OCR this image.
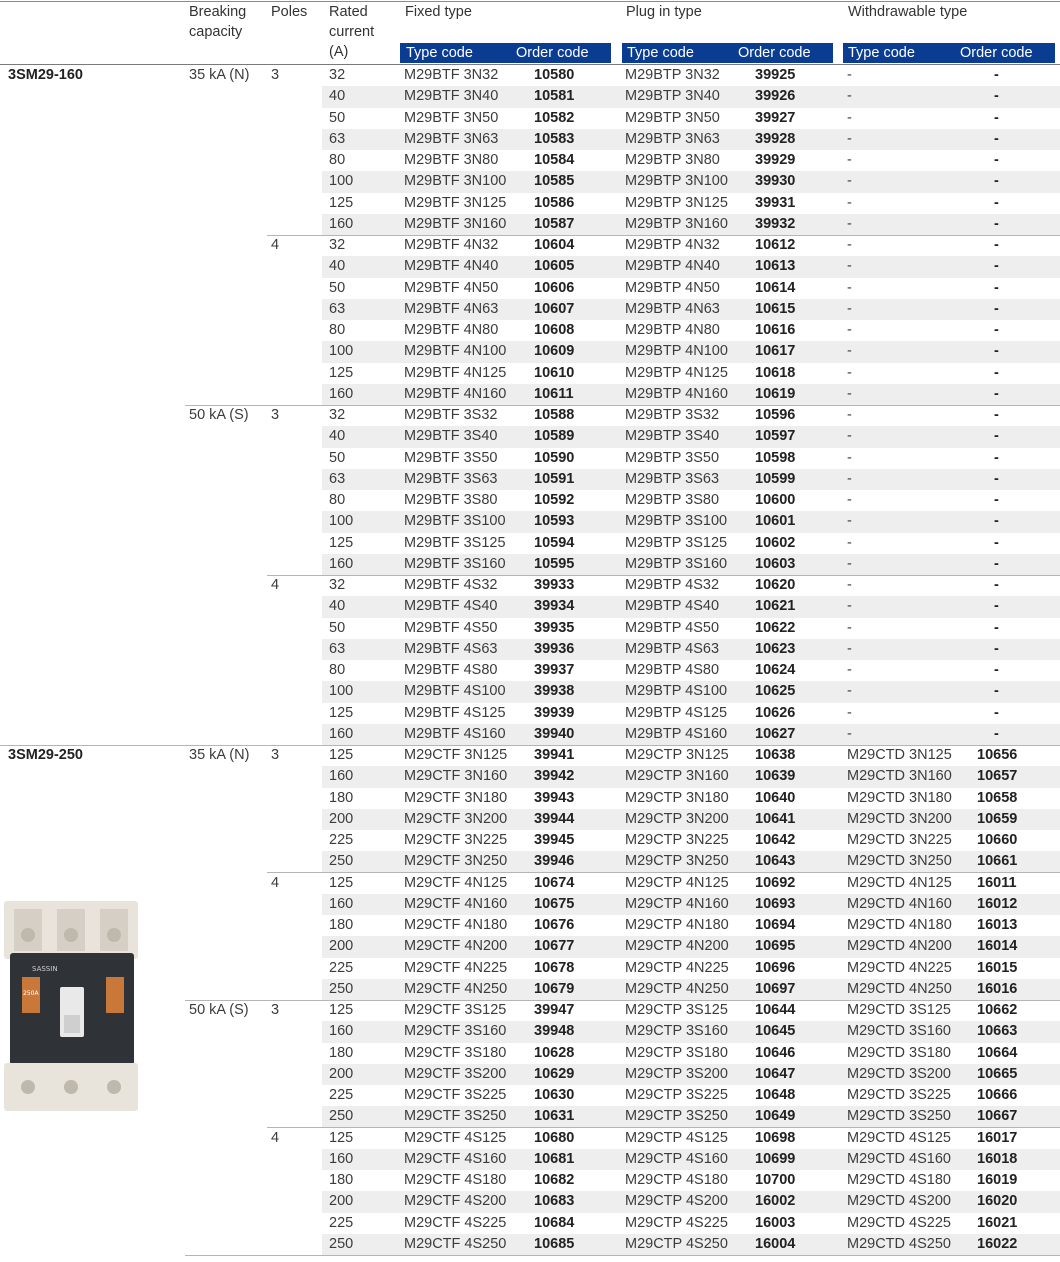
Breaking
capacity
Poles Rated
current
(A)
Fixed type	Plug in type	Withdrawable type
Type code	Order code	Type code	Order code	Type code	Order code
3SM29-160	35 kA (N) 3	32	M29BTF 3N32 10580	M29BTP 3N32 39925	-	-
40	M29BTF 3N40 10581	M29BTP 3N40 39926	-	-
50	M29BTF 3N50 10582	M29BTP 3N50 39927	-	-
63	M29BTF 3N63 10583	M29BTP 3N63 39928	-	-
80	M29BTF 3N80 10584	M29BTP 3N80 39929	-	-
100	M29BTF 3N100 10585	M29BTP 3N100 39930	-	-
125	M29BTF 3N125 10586	M29BTP 3N125 39931	-	-
160	M29BTF 3N160 10587	M29BTP 3N160 39932	-	-
4	32	M29BTF 4N32 10604	M29BTP 4N32 10612	-	-
40	M29BTF 4N40 10605	M29BTP 4N40 10613	-	-
50	M29BTF 4N50 10606	M29BTP 4N50 10614	-	-
63	M29BTF 4N63 10607	M29BTP 4N63 10615	-	-
80	M29BTF 4N80 10608	M29BTP 4N80 10616	-	-
100	M29BTF 4N100 10609	M29BTP 4N100 10617	-	-
125	M29BTF 4N125 10610	M29BTP 4N125 10618	-	-
160	M29BTF 4N160 10611	M29BTP 4N160 10619	-	-
50 kA (S) 3	32	M29BTF 3S32	10588	M29BTP 3S32 10596	-	-
40	M29BTF 3S40	10589	M29BTP 3S40 10597	-	-
50	M29BTF 3S50	10590	M29BTP 3S50 10598	-	-
63	M29BTF 3S63	10591	M29BTP 3S63 10599	-	-
80	M29BTF 3S80	10592	M29BTP 3S80 10600	-	-
100	M29BTF 3S100 10593	M29BTP 3S100 10601	-	-
125	M29BTF 3S125 10594	M29BTP 3S125 10602	-	-
160	M29BTF 3S160 10595	M29BTP 3S160 10603	-	-
4	32	M29BTF 4S32	39933	M29BTP 4S32 10620	-	-
40	M29BTF 4S40	39934	M29BTP 4S40 10621	-	-
50	M29BTF 4S50	39935	M29BTP 4S50 10622	-	-
63	M29BTF 4S63	39936	M29BTP 4S63 10623	-	-
80	M29BTF 4S80	39937	M29BTP 4S80 10624	-	-
100	M29BTF 4S100 39938	M29BTP 4S100 10625	-	-
125	M29BTF 4S125 39939	M29BTP 4S125 10626	-	-
160	M29BTF 4S160 39940	M29BTP 4S160 10627	-	-
3SM29-250	35 kA (N) 3	125	M29CTF 3N125 39941	M29CTP 3N125 10638	M29CTD 3N125 10656
160	M29CTF 3N160 39942	M29CTP 3N160 10639	M29CTD 3N160 10657
180	M29CTF 3N180 39943	M29CTP 3N180 10640	M29CTD 3N180 10658
200	M29CTF 3N200 39944	M29CTP 3N200 10641	M29CTD 3N200 10659
225	M29CTF 3N225 39945	M29CTP 3N225 10642	M29CTD 3N225 10660
250	M29CTF 3N250 39946	M29CTP 3N250 10643	M29CTD 3N250 10661
4	125	M29CTF 4N125 10674	M29CTP 4N125 10692	M29CTD 4N125 16011
160	M29CTF 4N160 10675	M29CTP 4N160 10693	M29CTD 4N160 16012
180	M29CTF 4N180 10676	M29CTP 4N180 10694	M29CTD 4N180 16013
200	M29CTF 4N200 10677	M29CTP 4N200 10695	M29CTD 4N200 16014
225	M29CTF 4N225 10678	M29CTP 4N225 10696	M29CTD 4N225 16015
250	M29CTF 4N250 10679	M29CTP 4N250 10697	M29CTD 4N250 16016
50 kA (S) 3	125	M29CTF 3S125 39947	M29CTP 3S125 10644	M29CTD 3S125 10662
160	M29CTF 3S160 39948	M29CTP 3S160 10645	M29CTD 3S160 10663
180	M29CTF 3S180 10628	M29CTP 3S180 10646	M29CTD 3S180 10664
200	M29CTF 3S200 10629	M29CTP 3S200 10647	M29CTD 3S200 10665
225	M29CTF 3S225 10630	M29CTP 3S225 10648	M29CTD 3S225 10666
250	M29CTF 3S250 10631	M29CTP 3S250 10649	M29CTD 3S250 10667
4	125	M29CTF 4S125 10680	M29CTP 4S125 10698	M29CTD 4S125 16017
160	M29CTF 4S160 10681	M29CTP 4S160 10699	M29CTD 4S160 16018
180	M29CTF 4S180 10682	M29CTP 4S180 10700	M29CTD 4S180 16019
200	M29CTF 4S200 10683	M29CTP 4S200 16002	M29CTD 4S200 16020
225	M29CTF 4S225 10684	M29CTP 4S225 16003	M29CTD 4S225 16021
250	M29CTF 4S250 10685	M29CTP 4S250 16004	M29CTD 4S250 16022
SASSIN
250A
